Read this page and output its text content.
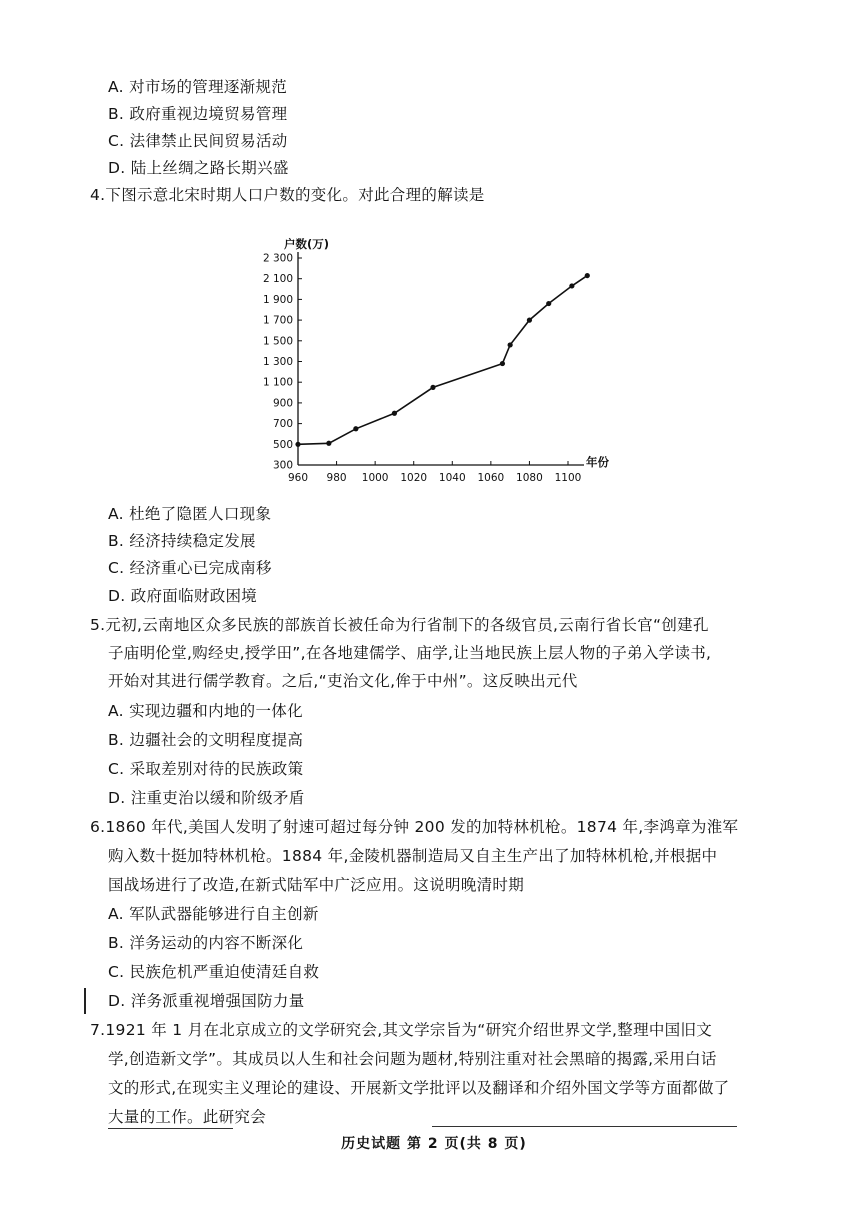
A. 对市场的管理逐渐规范
B. 政府重视边境贸易管理
C. 法律禁止民间贸易活动
D. 陆上丝绸之路长期兴盛
4.下图示意北宋时期人口户数的变化。对此合理的解读是
300
500
700
900
1 100
1 300
1 500
1 700
1 900
2 100
2 300
960 980 1000 1020 1040 1060 1080 1100
户数(万)
年份
A. 杜绝了隐匿人口现象
B. 经济持续稳定发展
C. 经济重心已完成南移
D. 政府面临财政困境
5.元初,云南地区众多民族的部族首长被任命为行省制下的各级官员,云南行省长官“创建孔
子庙明伦堂,购经史,授学田”,在各地建儒学、庙学,让当地民族上层人物的子弟入学读书,
开始对其进行儒学教育。之后,“吏治文化,侔于中州”。这反映出元代
A. 实现边疆和内地的一体化
B. 边疆社会的文明程度提高
C. 采取差别对待的民族政策
D. 注重吏治以缓和阶级矛盾
6.1860 年代,美国人发明了射速可超过每分钟 200 发的加特林机枪。1874 年,李鸿章为淮军
购入数十挺加特林机枪。1884 年,金陵机器制造局又自主生产出了加特林机枪,并根据中
国战场进行了改造,在新式陆军中广泛应用。这说明晚清时期
A. 军队武器能够进行自主创新
B. 洋务运动的内容不断深化
C. 民族危机严重迫使清廷自救
D. 洋务派重视增强国防力量
7.1921 年 1 月在北京成立的文学研究会,其文学宗旨为“研究介绍世界文学,整理中国旧文
学,创造新文学”。其成员以人生和社会问题为题材,特别注重对社会黑暗的揭露,采用白话
文的形式,在现实主义理论的建设、开展新文学批评以及翻译和介绍外国文学等方面都做了
大量的工作。此研究会
历史试题 第 2 页(共 8 页)
